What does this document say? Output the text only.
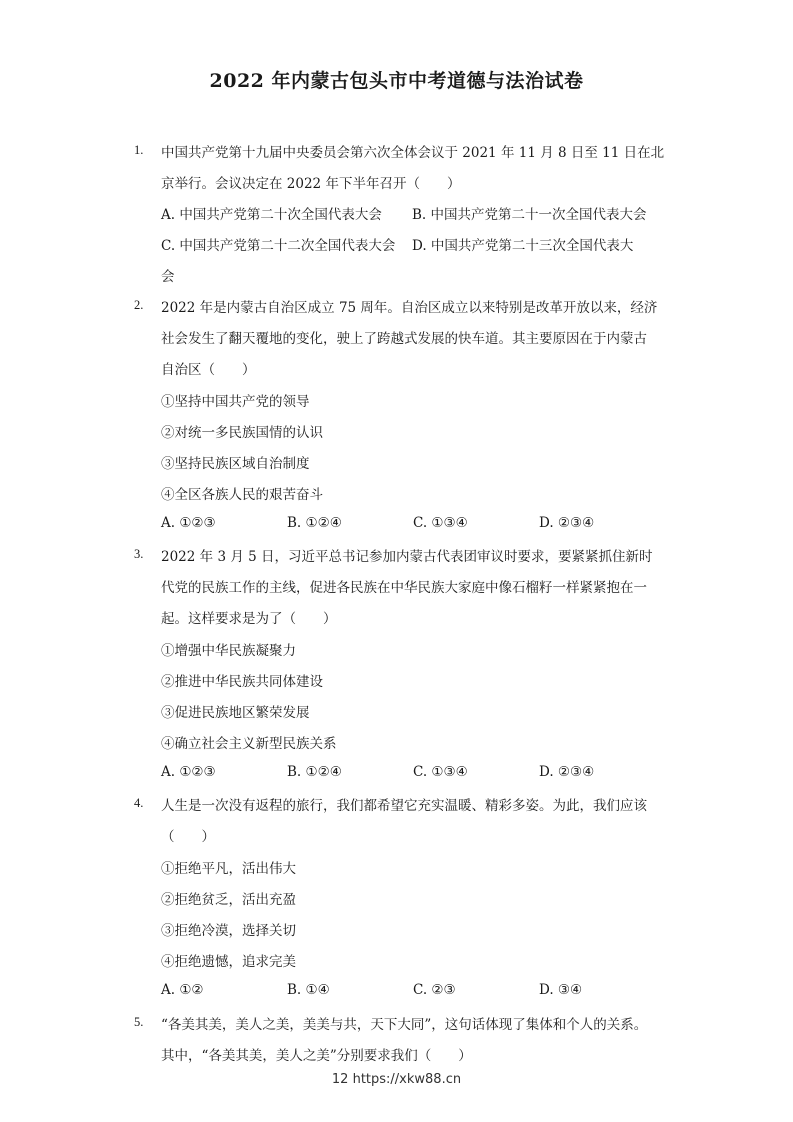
2022 年内蒙古包头市中考道德与法治试卷
1. 中国共产党第十九届中央委员会第六次全体会议于 2021 年 11 月 8 日至 11 日在北
京举行。会议决定在 2022 年下半年召开（　　）
A. 中国共产党第二十次全国代表大会 B. 中国共产党第二十一次全国代表大会
C. 中国共产党第二十二次全国代表大会 D. 中国共产党第二十三次全国代表大
会
2. 2022 年是内蒙古自治区成立 75 周年。自治区成立以来特别是改革开放以来，经济
社会发生了翻天覆地的变化，驶上了跨越式发展的快车道。其主要原因在于内蒙古
自治区（　　）
①坚持中国共产党的领导
②对统一多民族国情的认识
③坚持民族区域自治制度
④全区各族人民的艰苦奋斗
A. ①②③	B. ①②④	C. ①③④	D. ②③④
3. 2022 年 3 月 5 日，习近平总书记参加内蒙古代表团审议时要求，要紧紧抓住新时
代党的民族工作的主线，促进各民族在中华民族大家庭中像石榴籽一样紧紧抱在一
起。这样要求是为了（　　）
①增强中华民族凝聚力
②推进中华民族共同体建设
③促进民族地区繁荣发展
④确立社会主义新型民族关系
A. ①②③	B. ①②④	C. ①③④	D. ②③④
4. 人生是一次没有返程的旅行，我们都希望它充实温暖、精彩多姿。为此，我们应该
（　　）
①拒绝平凡，活出伟大
②拒绝贫乏，活出充盈
③拒绝冷漠，选择关切
④拒绝遗憾，追求完美
A. ①②	B. ①④	C. ②③	D. ③④
5. “各美其美，美人之美，美美与共，天下大同”，这句话体现了集体和个人的关系。
其中，“各美其美，美人之美”分别要求我们（　　）
12 https://xkw88.cn
